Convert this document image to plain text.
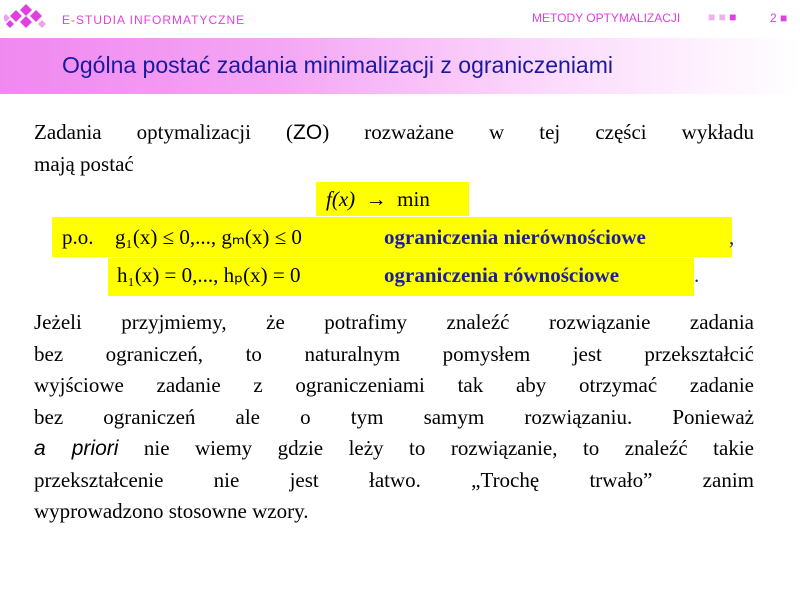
E-STUDIA INFORMATYCZNE	METODY OPTYMALIZACJI ■ ■ ■	2 ■
Ogólna postać zadania minimalizacji z ograniczeniami
Zadania optymalizacji (ZO) rozważane w tej części wykładu
mają postać
f(x) → min
p.o. g₁(x) ≤ 0,..., gₘ(x) ≤ 0	ograniczenia nierównościowe	,
h₁(x) = 0,..., hₚ(x) = 0	ograniczenia równościowe	.
Jeżeli przyjmiemy, że potrafimy znaleźć rozwiązanie zadania
bez ograniczeń, to naturalnym pomysłem jest przekształcić
wyjściowe zadanie z ograniczeniami tak aby otrzymać zadanie
bez ograniczeń ale o tym samym rozwiązaniu. Ponieważ
a priori nie wiemy gdzie leży to rozwiązanie, to znaleźć takie
przekształcenie nie jest łatwo. „Trochę trwało” zanim
wyprowadzono stosowne wzory.
